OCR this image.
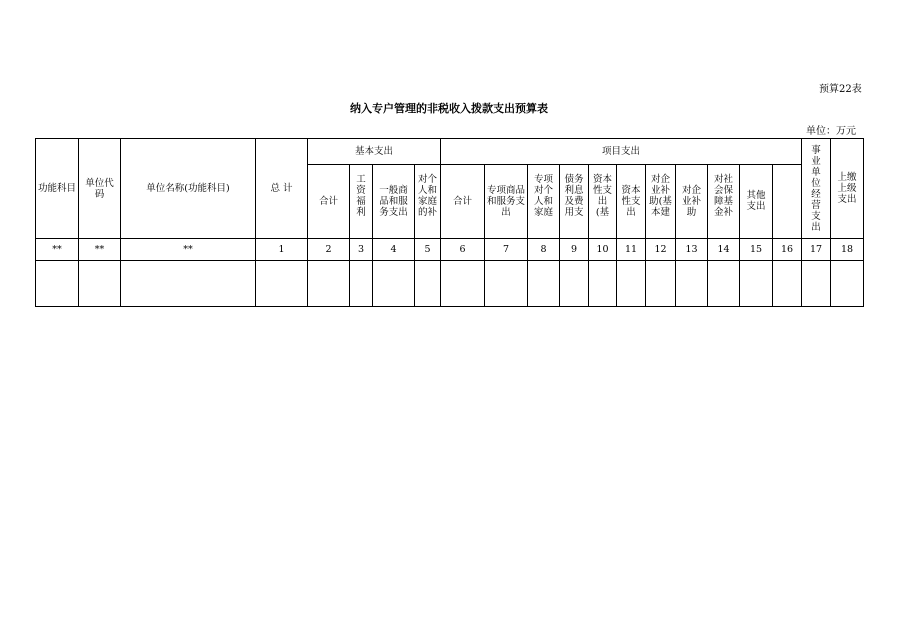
预算22表
纳入专户管理的非税收入拨款支出预算表
单位：万元
功能科目	单位代码	单位名称(功能科目)	总 计	基本支出				项目支出											事业单位经营支出	上缴上级支出	
				合计	工资福利	一般商品和服务支出	对个人和家庭的补	合计	专项商品和服务支出	专项对个人和家庭	债务利息及费用支	资本性支出(基	资本性支出	对企业补助(基本建	对企业补助	对社会保障基金补	其他支出				
**	**	**	1	2	3	4	5	6	7	8	9	10	11	12	13	14	15	16	17	18	
